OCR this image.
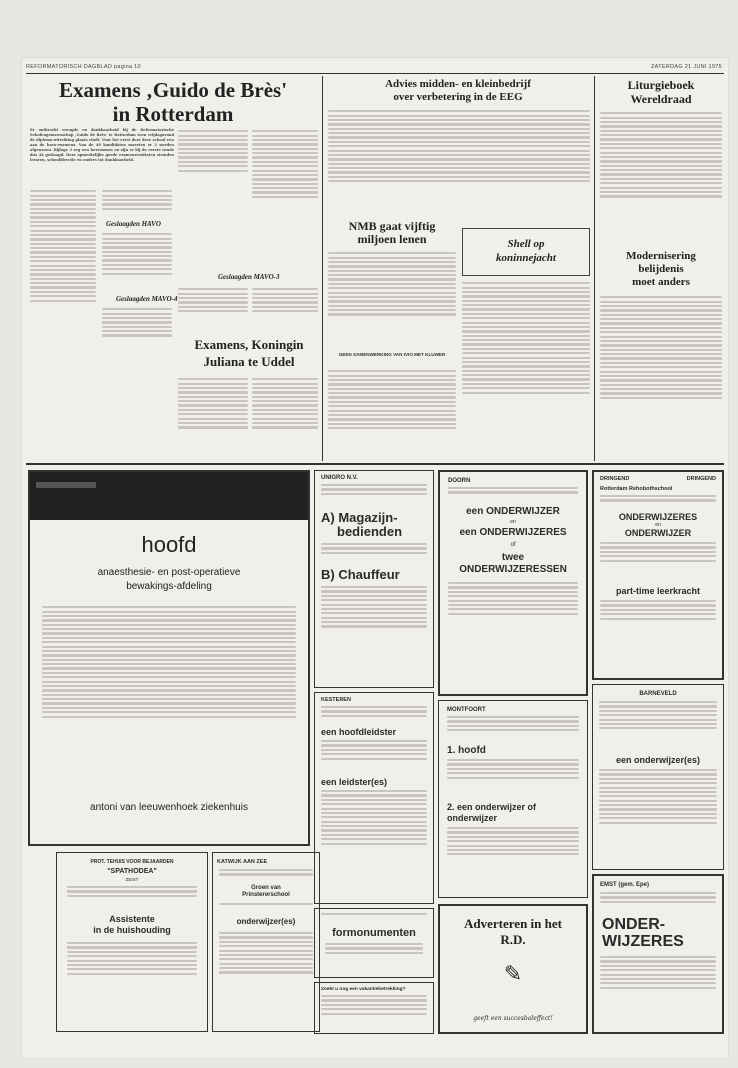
REFORMATORISCH DAGBLAD pagina 10	ZATERDAG 21 JUNI 1975
Examens ‚Guido de Brès'
in Rotterdam
Er ontbreekt vreugde en dankbaarheid bij de Reformatorische Scholengemeenschap ‚Guido de Brès' te Rotterdam toen vrijdagavond de diploma-uitreiking plaats vindt. Voor het eerst doet deze school een aan de havo-examens. Van de 49 kandidaten moesten er 2 worden afgewezen. Rijlage 3 zeg een herexamen en zijn er bij de eerste ronde dus 44 geslaagd. Deze opmerkelijke goede examenresultaten stemden leraren, schooldirectie en ouders tot dankbaarheid.
Geslaagden HAVO
Geslaagden MAVO-4
Geslaagden MAVO-3
Examens, Koningin
Juliana te Uddel
Advies midden- en kleinbedrijf
over verbetering in de EEG
NMB gaat vijftig
miljoen lenen
GEEN SAMENWERKING VAN IVIO MET KLUWER
Shell op
koninnejacht
Liturgieboek
Wereldraad
Modernisering
belijdenis
moet anders
hoofd
anaesthesie- en post-operatieve
bewakings-afdeling
antoni van leeuwenhoek ziekenhuis
PROT. TEHUIS VOOR BEJAARDEN
"SPATHODEA"
ZEIST
Assistente
in de huishouding
KATWIJK AAN ZEE
Groen van
Prinstererschool
onderwijzer(es)
UNIGRO N.V.
A) Magazijn-
bedienden
B) Chauffeur
KESTEREN
een hoofdleidster
een leidster(es)
formonumenten
Zoekt u nog een vakantiebetrekking?
DOORN
een ONDERWIJZER
en
een ONDERWIJZERES
of
twee
ONDERWIJZERESSEN
MONTFOORT
1. hoofd
2. een onderwijzer of onderwijzer
Adverteren in het
R.D.
✎
geeft een succesbaleffect!
DRINGEND	DRINGEND
Rotterdam Rehobothschool
ONDERWIJZERES
en
ONDERWIJZER
part-time leerkracht
BARNEVELD
een onderwijzer(es)
EMST (gem. Epe)
ONDER-
WIJZERES
